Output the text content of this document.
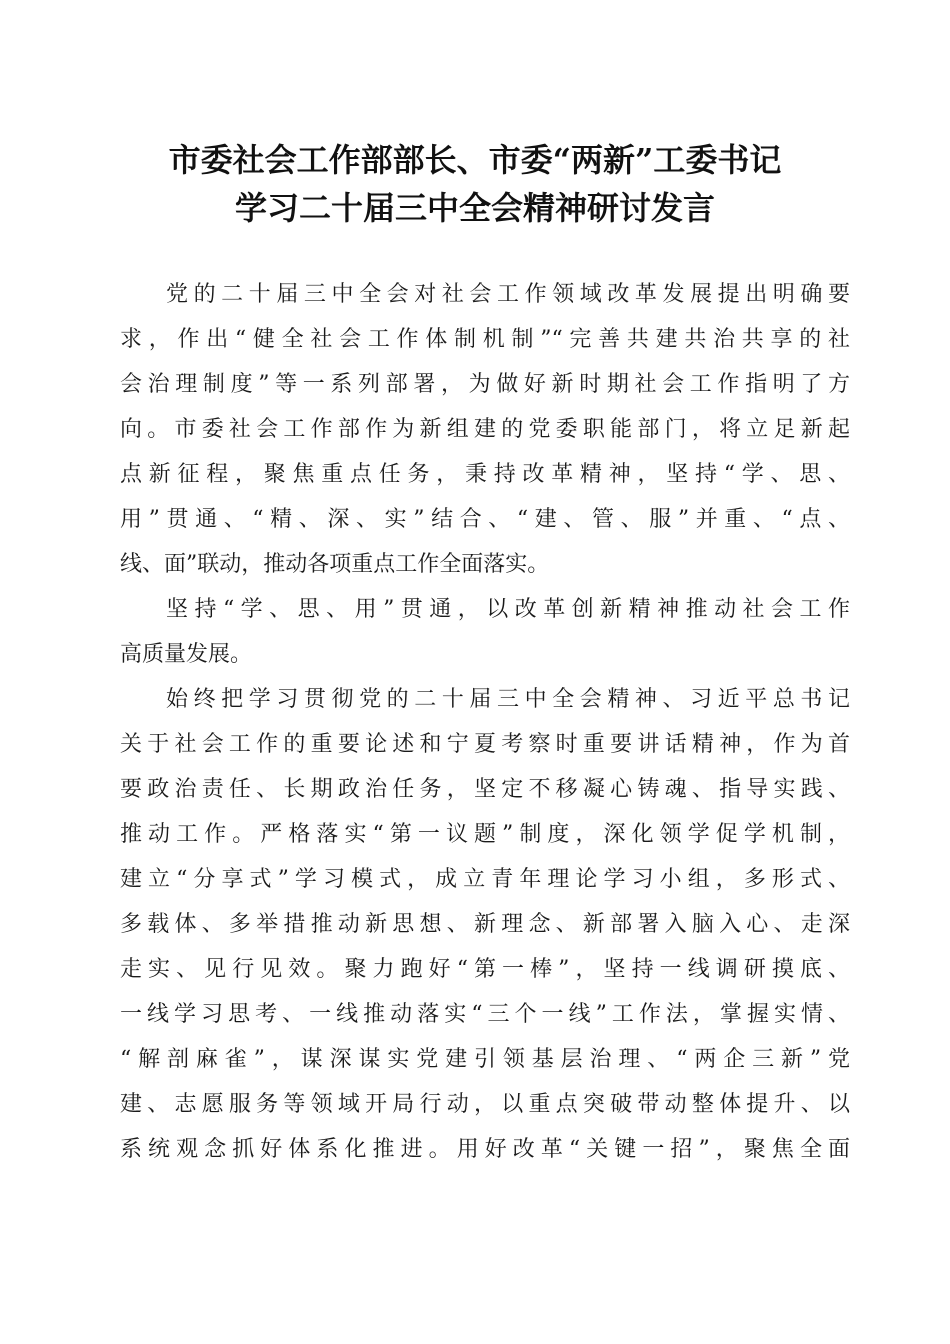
市委社会工作部部长、市委“两新”工委书记
学习二十届三中全会精神研讨发言
党的二十届三中全会对社会工作领域改革发展提出明确要
求，作出“健全社会工作体制机制”“完善共建共治共享的社
会治理制度”等一系列部署，为做好新时期社会工作指明了方
向。市委社会工作部作为新组建的党委职能部门，将立足新起
点新征程，聚焦重点任务，秉持改革精神，坚持“学、思、
用”贯通、“精、深、实”结合、“建、管、服”并重、“点、
线、面”联动，推动各项重点工作全面落实。
坚持“学、思、用”贯通，以改革创新精神推动社会工作
高质量发展。
始终把学习贯彻党的二十届三中全会精神、习近平总书记
关于社会工作的重要论述和宁夏考察时重要讲话精神，作为首
要政治责任、长期政治任务，坚定不移凝心铸魂、指导实践、
推动工作。严格落实“第一议题”制度，深化领学促学机制，
建立“分享式”学习模式，成立青年理论学习小组，多形式、
多载体、多举措推动新思想、新理念、新部署入脑入心、走深
走实、见行见效。聚力跑好“第一棒”，坚持一线调研摸底、
一线学习思考、一线推动落实“三个一线”工作法，掌握实情、
“解剖麻雀”，谋深谋实党建引领基层治理、“两企三新”党
建、志愿服务等领域开局行动，以重点突破带动整体提升、以
系统观念抓好体系化推进。用好改革“关键一招”，聚焦全面
